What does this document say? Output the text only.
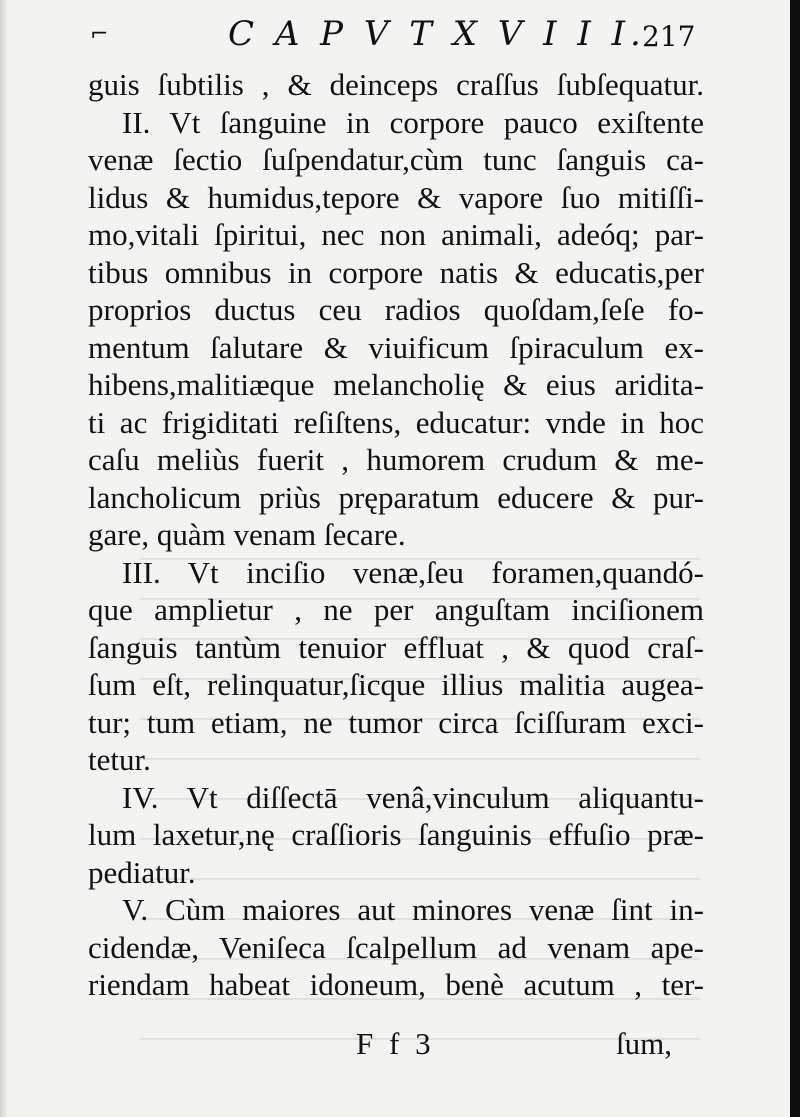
⌐	C A P V T X V I I I.
217
guis ſubtilis , & deinceps craſſus ſubſequatur.
II. Vt ſanguine in corpore pauco exiſtente
venæ ſectio ſuſpendatur,cùm tunc ſanguis ca-
lidus & humidus,tepore & vapore ſuo mitiſſi-
mo,vitali ſpiritui, nec non animali, adeóq; par-
tibus omnibus in corpore natis & educatis,per
proprios ductus ceu radios quoſdam,ſeſe fo-
mentum ſalutare & viuificum ſpiraculum ex-
hibens,malitiæque melancholię & eius aridita-
ti ac frigiditati reſiſtens, educatur: vnde in hoc
caſu meliùs fuerit , humorem crudum & me-
lancholicum priùs pręparatum educere & pur-
gare, quàm venam ſecare.
III. Vt inciſio venæ,ſeu foramen,quandó-
que amplietur , ne per anguſtam inciſionem
ſanguis tantùm tenuior effluat , & quod craſ-
ſum eſt, relinquatur,ſicque illius malitia augea-
tur; tum etiam, ne tumor circa ſciſſuram exci-
tetur.
IV. Vt diſſectā venâ,vinculum aliquantu-
lum laxetur,nę craſſioris ſanguinis effuſio præ-
pediatur.
V. Cùm maiores aut minores venæ ſint in-
cidendæ, Veniſeca ſcalpellum ad venam ape-
riendam habeat idoneum, benè acutum , ter-
F f 3	ſum,
